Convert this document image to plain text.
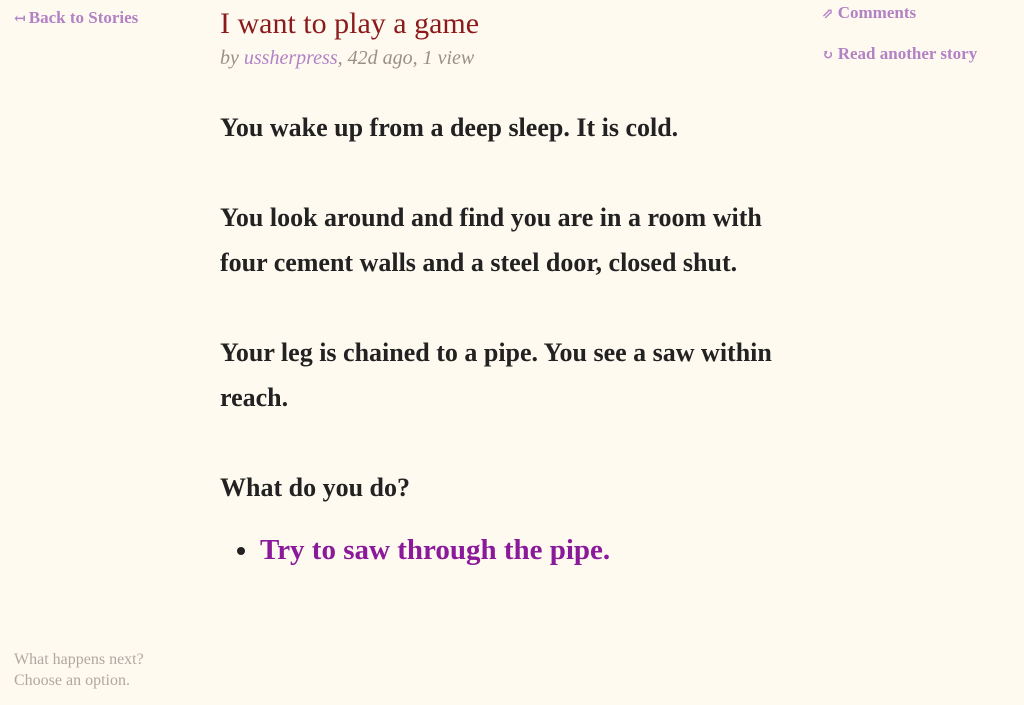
↤ Back to Stories
What happens next?
Choose an option.
⇗ Comments
↻ Read another story
I want to play a game
by ussherpress, 42d ago, 1 view

You wake up from a deep sleep. It is cold.

You look around and find you are in a room with four cement walls and a steel door, closed shut.

Your leg is chained to a pipe. You see a saw within reach.

What do you do?

• Try to saw through the pipe.
